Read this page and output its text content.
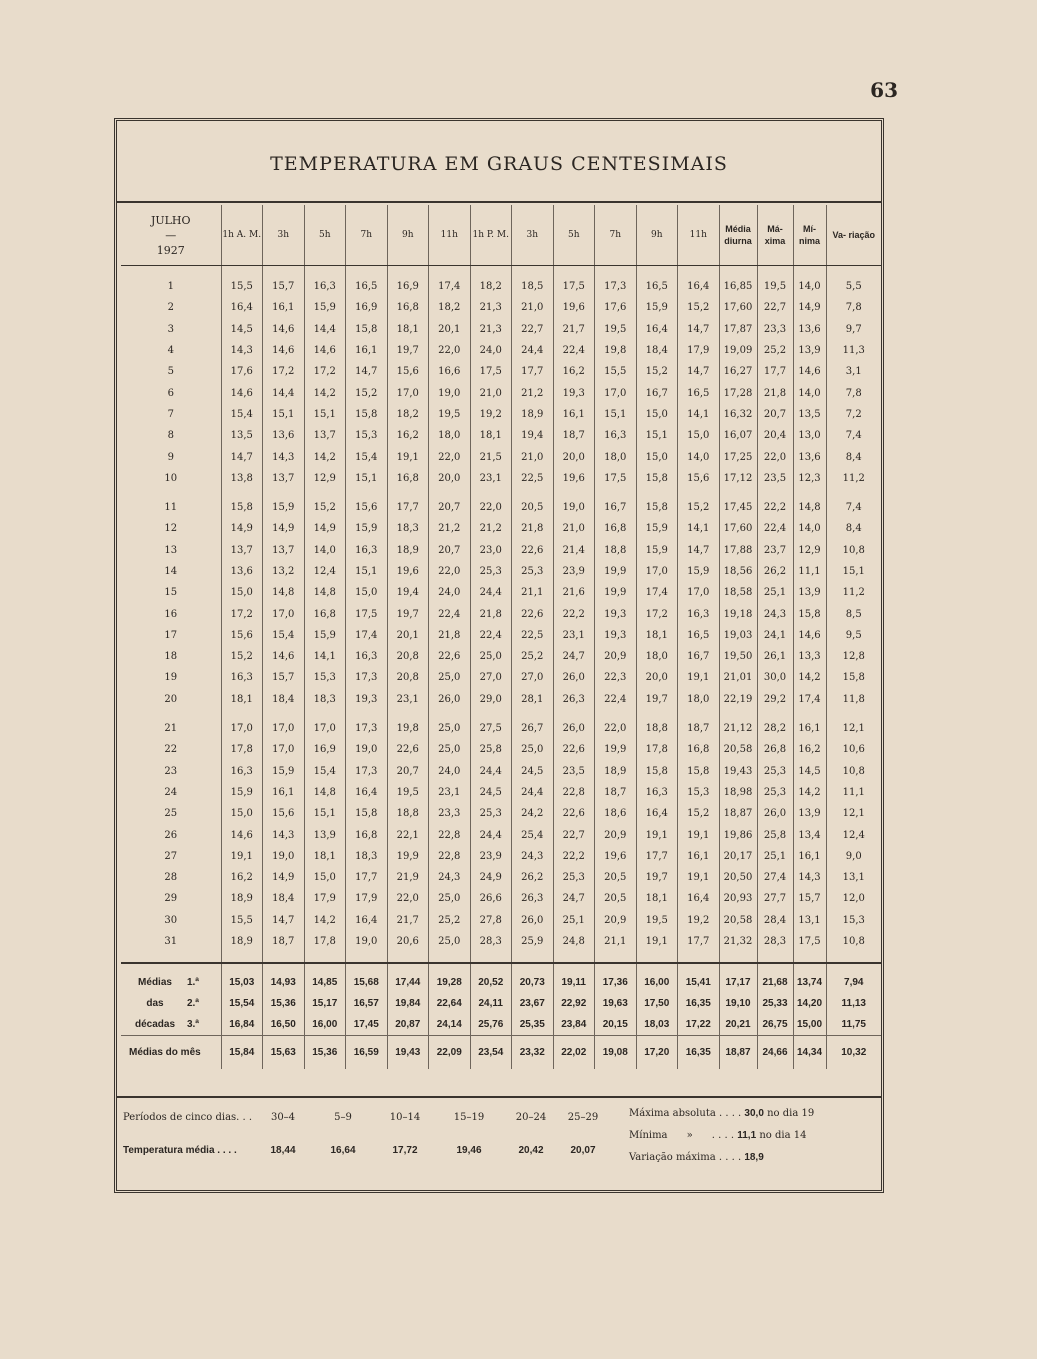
63
TEMPERATURA EM GRAUS CENTESIMAIS
JULHO
—
1927	1h A. M.	3h	5h	7h	9h	11h	1h P. M.	3h	5h	7h	9h	11h	Média diurna	Má- xima	Mí- nima	Va- riação
1	15,5	15,7	16,3	16,5	16,9	17,4	18,2	18,5	17,5	17,3	16,5	16,4	16,85	19,5	14,0	5,5
2	16,4	16,1	15,9	16,9	16,8	18,2	21,3	21,0	19,6	17,6	15,9	15,2	17,60	22,7	14,9	7,8
3	14,5	14,6	14,4	15,8	18,1	20,1	21,3	22,7	21,7	19,5	16,4	14,7	17,87	23,3	13,6	9,7
4	14,3	14,6	14,6	16,1	19,7	22,0	24,0	24,4	22,4	19,8	18,4	17,9	19,09	25,2	13,9	11,3
5	17,6	17,2	17,2	14,7	15,6	16,6	17,5	17,7	16,2	15,5	15,2	14,7	16,27	17,7	14,6	3,1
6	14,6	14,4	14,2	15,2	17,0	19,0	21,0	21,2	19,3	17,0	16,7	16,5	17,28	21,8	14,0	7,8
7	15,4	15,1	15,1	15,8	18,2	19,5	19,2	18,9	16,1	15,1	15,0	14,1	16,32	20,7	13,5	7,2
8	13,5	13,6	13,7	15,3	16,2	18,0	18,1	19,4	18,7	16,3	15,1	15,0	16,07	20,4	13,0	7,4
9	14,7	14,3	14,2	15,4	19,1	22,0	21,5	21,0	20,0	18,0	15,0	14,0	17,25	22,0	13,6	8,4
10	13,8	13,7	12,9	15,1	16,8	20,0	23,1	22,5	19,6	17,5	15,8	15,6	17,12	23,5	12,3	11,2

11	15,8	15,9	15,2	15,6	17,7	20,7	22,0	20,5	19,0	16,7	15,8	15,2	17,45	22,2	14,8	7,4
12	14,9	14,9	14,9	15,9	18,3	21,2	21,2	21,8	21,0	16,8	15,9	14,1	17,60	22,4	14,0	8,4
13	13,7	13,7	14,0	16,3	18,9	20,7	23,0	22,6	21,4	18,8	15,9	14,7	17,88	23,7	12,9	10,8
14	13,6	13,2	12,4	15,1	19,6	22,0	25,3	25,3	23,9	19,9	17,0	15,9	18,56	26,2	11,1	15,1
15	15,0	14,8	14,8	15,0	19,4	24,0	24,4	21,1	21,6	19,9	17,4	17,0	18,58	25,1	13,9	11,2
16	17,2	17,0	16,8	17,5	19,7	22,4	21,8	22,6	22,2	19,3	17,2	16,3	19,18	24,3	15,8	8,5
17	15,6	15,4	15,9	17,4	20,1	21,8	22,4	22,5	23,1	19,3	18,1	16,5	19,03	24,1	14,6	9,5
18	15,2	14,6	14,1	16,3	20,8	22,6	25,0	25,2	24,7	20,9	18,0	16,7	19,50	26,1	13,3	12,8
19	16,3	15,7	15,3	17,3	20,8	25,0	27,0	27,0	26,0	22,3	20,0	19,1	21,01	30,0	14,2	15,8
20	18,1	18,4	18,3	19,3	23,1	26,0	29,0	28,1	26,3	22,4	19,7	18,0	22,19	29,2	17,4	11,8

21	17,0	17,0	17,0	17,3	19,8	25,0	27,5	26,7	26,0	22,0	18,8	18,7	21,12	28,2	16,1	12,1
22	17,8	17,0	16,9	19,0	22,6	25,0	25,8	25,0	22,6	19,9	17,8	16,8	20,58	26,8	16,2	10,6
23	16,3	15,9	15,4	17,3	20,7	24,0	24,4	24,5	23,5	18,9	15,8	15,8	19,43	25,3	14,5	10,8
24	15,9	16,1	14,8	16,4	19,5	23,1	24,5	24,4	22,8	18,7	16,3	15,3	18,98	25,3	14,2	11,1
25	15,0	15,6	15,1	15,8	18,8	23,3	25,3	24,2	22,6	18,6	16,4	15,2	18,87	26,0	13,9	12,1
26	14,6	14,3	13,9	16,8	22,1	22,8	24,4	25,4	22,7	20,9	19,1	19,1	19,86	25,8	13,4	12,4
27	19,1	19,0	18,1	18,3	19,9	22,8	23,9	24,3	22,2	19,6	17,7	16,1	20,17	25,1	16,1	9,0
28	16,2	14,9	15,0	17,7	21,9	24,3	24,9	26,2	25,3	20,5	19,7	19,1	20,50	27,4	14,3	13,1
29	18,9	18,4	17,9	17,9	22,0	25,0	26,6	26,3	24,7	20,5	18,1	16,4	20,93	27,7	15,7	12,0
30	15,5	14,7	14,2	16,4	21,7	25,2	27,8	26,0	25,1	20,9	19,5	19,2	20,58	28,4	13,1	15,3
31	18,9	18,7	17,8	19,0	20,6	25,0	28,3	25,9	24,8	21,1	19,1	17,7	21,32	28,3	17,5	10,8
Médias 1.ª	15,03	14,93	14,85	15,68	17,44	19,28	20,52	20,73	19,11	17,36	16,00	15,41	17,17	21,68	13,74	7,94
das 2.ª	15,54	15,36	15,17	16,57	19,84	22,64	24,11	23,67	22,92	19,63	17,50	16,35	19,10	25,33	14,20	11,13
décadas 3.ª	16,84	16,50	16,00	17,45	20,87	24,14	25,76	25,35	23,84	20,15	18,03	17,22	20,21	26,75	15,00	11,75
Médias do mês	15,84	15,63	15,36	16,59	19,43	22,09	23,54	23,32	22,02	19,08	17,20	16,35	18,87	24,66	14,34	10,32
Períodos de cinco dias. . .	30–4	5–9	10–14	15–19	20–24	25–29
Temperatura média . . . .	18,44	16,64	17,72	19,46	20,42	20,07
Máxima absoluta . . . . 30,0 no dia 19
Mínima      »      . . . . 11,1 no dia 14
Variação máxima . . . . 18,9
